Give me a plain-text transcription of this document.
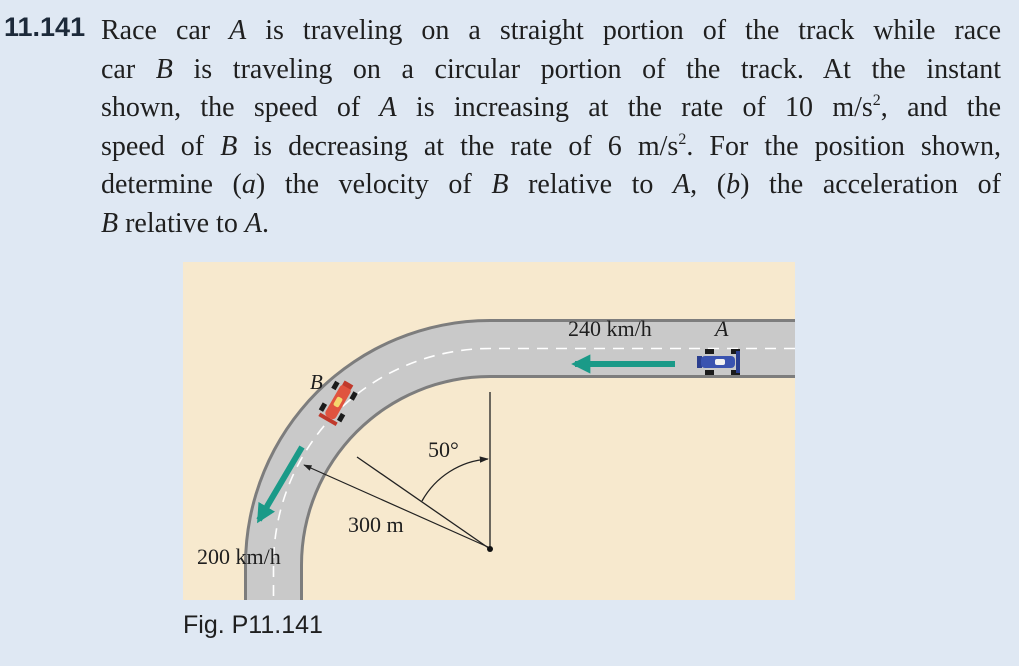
11.141 Race car A is traveling on a straight portion of the track while race
car B is traveling on a circular portion of the track. At the instant
shown, the speed of A is increasing at the rate of 10 $m/s^2$, and the
speed of B is decreasing at the rate of 6 $m/s^2$. For the position shown,
determine (a) the velocity of B relative to A, (b) the acceleration of
B relative to A.
A
B
240 km/h
200 km/h
50°
300 m
Fig. P11.141
